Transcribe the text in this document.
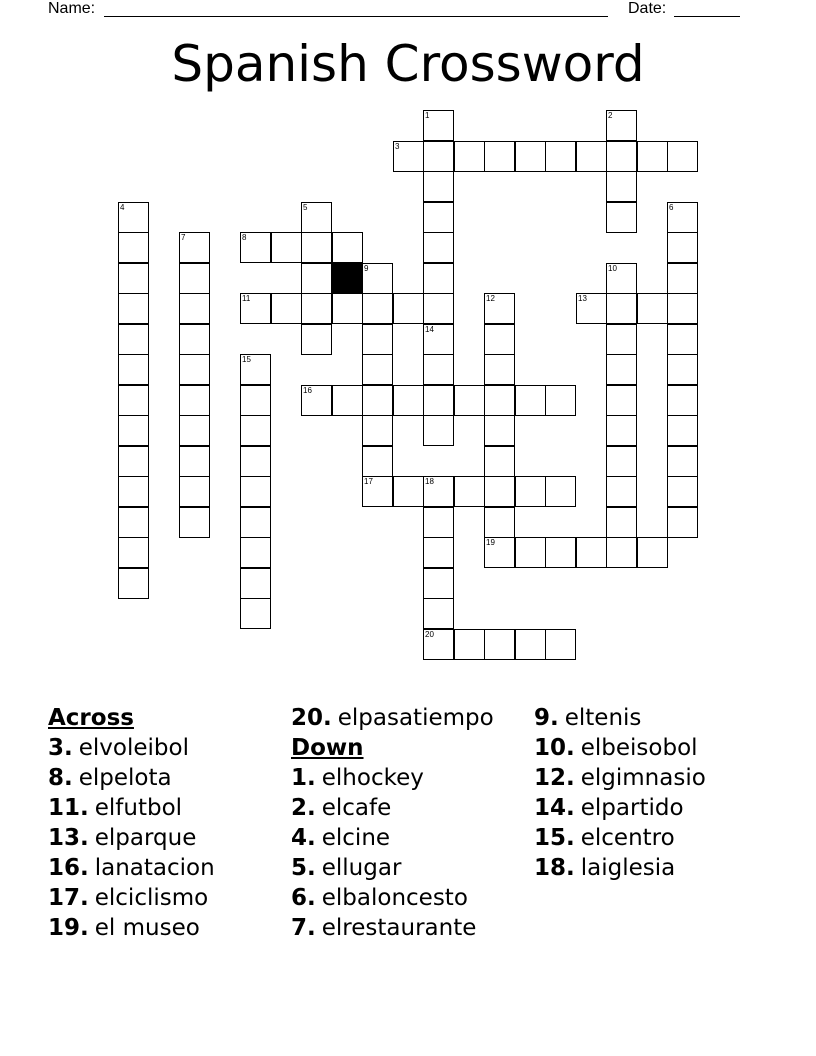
Name:	Date:
Spanish Crossword
1	2
3
4	5	6
7	8
9	10
11	12
19
13
14
15
16
17	18
20
Across
3. elvoleibol
8. elpelota
11. elfutbol
13. elparque
16. lanatacion
17. elciclismo
19. el museo
20. elpasatiempo
Down
1. elhockey
2. elcafe
4. elcine
5. ellugar
6. elbaloncesto
7. elrestaurante
9. eltenis
10. elbeisobol
12. elgimnasio
14. elpartido
15. elcentro
18. laiglesia
